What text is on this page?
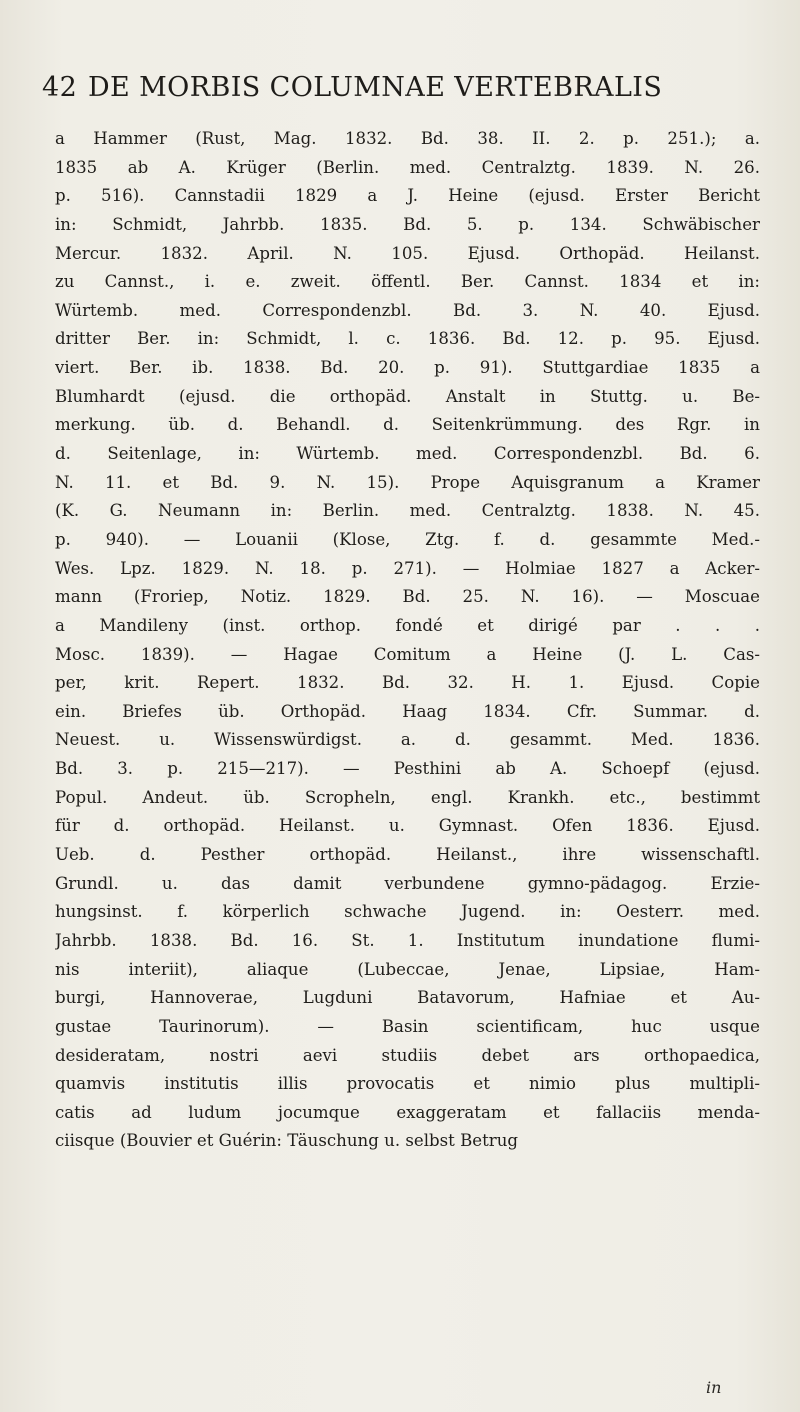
42 DE MORBIS COLUMNAE VERTEBRALIS
a Hammer (Rust, Mag. 1832. Bd. 38. II. 2. p. 251.); a.
1835 ab A. Krüger (Berlin. med. Centralztg. 1839. N. 26.
p. 516). Cannstadii 1829 a J. Heine (ejusd. Erster Bericht
in: Schmidt, Jahrbb. 1835. Bd. 5. p. 134. Schwäbischer
Mercur. 1832. April. N. 105. Ejusd. Orthopäd. Heilanst.
zu Cannst., i. e. zweit. öffentl. Ber. Cannst. 1834 et in:
Würtemb. med. Correspondenzbl. Bd. 3. N. 40. Ejusd.
dritter Ber. in: Schmidt, l. c. 1836. Bd. 12. p. 95. Ejusd.
viert. Ber. ib. 1838. Bd. 20. p. 91). Stuttgardiae 1835 a
Blumhardt (ejusd. die orthopäd. Anstalt in Stuttg. u. Be-
merkung. üb. d. Behandl. d. Seitenkrümmung. des Rgr. in
d. Seitenlage, in: Würtemb. med. Correspondenzbl. Bd. 6.
N. 11. et Bd. 9. N. 15). Prope Aquisgranum a Kramer
(K. G. Neumann in: Berlin. med. Centralztg. 1838. N. 45.
p. 940). — Louanii (Klose, Ztg. f. d. gesammte Med.-
Wes. Lpz. 1829. N. 18. p. 271). — Holmiae 1827 a Acker-
mann (Froriep, Notiz. 1829. Bd. 25. N. 16). — Moscuae
a Mandileny (inst. orthop. fondé et dirigé par . . .
Mosc. 1839). — Hagae Comitum a Heine (J. L. Cas-
per, krit. Repert. 1832. Bd. 32. H. 1. Ejusd. Copie
ein. Briefes üb. Orthopäd. Haag 1834. Cfr. Summar. d.
Neuest. u. Wissenswürdigst. a. d. gesammt. Med. 1836.
Bd. 3. p. 215—217). — Pesthini ab A. Schoepf (ejusd.
Popul. Andeut. üb. Scropheln, engl. Krankh. etc., bestimmt
für d. orthopäd. Heilanst. u. Gymnast. Ofen 1836. Ejusd.
Ueb. d. Pesther orthopäd. Heilanst., ihre wissenschaftl.
Grundl. u. das damit verbundene gymno-pädagog. Erzie-
hungsinst. f. körperlich schwache Jugend. in: Oesterr. med.
Jahrbb. 1838. Bd. 16. St. 1. Institutum inundatione flumi-
nis interiit), aliaque (Lubeccae, Jenae, Lipsiae, Ham-
burgi, Hannoverae, Lugduni Batavorum, Hafniae et Au-
gustae Taurinorum). — Basin scientificam, huc usque
desideratam, nostri aevi studiis debet ars orthopaedica,
quamvis institutis illis provocatis et nimio plus multipli-
catis ad ludum jocumque exaggeratam et fallaciis menda-
ciisque (Bouvier et Guérin: Täuschung u. selbst Betrug
in
